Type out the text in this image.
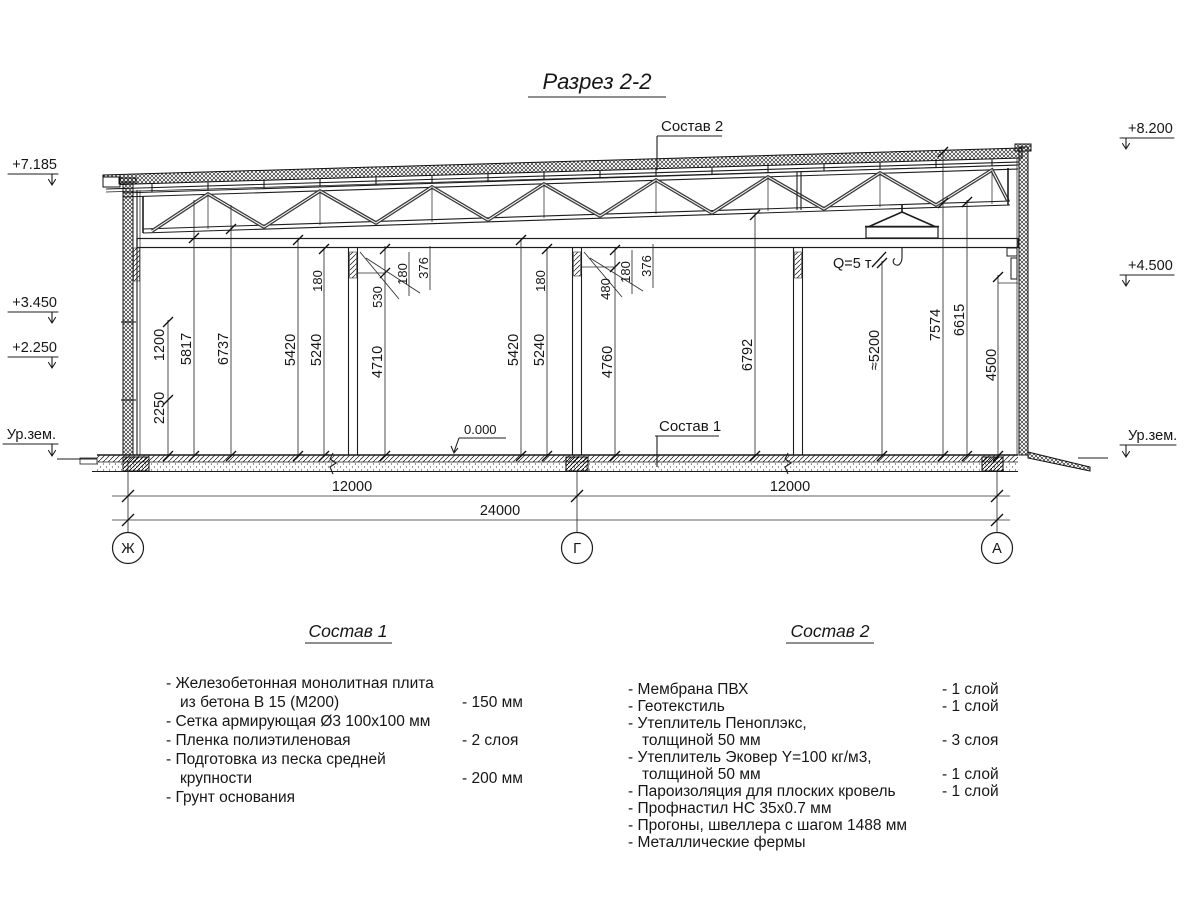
Разрез 2-2
Q=5 т
+7.185
+3.450
+2.250
Ур.зем.
+8.200
+4.500
Ур.зем.
0.000
Состав 2
Состав 1
1200
2250
5817 6737	5420 5240
180
530
180 376
4710	5420 5240
180	480
180 376
4760	6792	≈5200
7574 6615
4500
12000	12000
24000
Ж	Г	А
Состав 1
- Железобетонная монолитная плита
из бетона В 15 (М200)	- 150 мм
- Сетка армирующая Ø3 100х100 мм
- Пленка полиэтиленовая	- 2 слоя
- Подготовка из песка средней
крупности	- 200 мм
- Грунт основания
Состав 2
- Мембрана ПВХ	- 1 слой
- Геотекстиль	- 1 слой
- Утеплитель Пеноплэкс,
толщиной 50 мм	- 3 слоя
- Утеплитель Эковер Y=100 кг/м3,
толщиной 50 мм	- 1 слой
- Пароизоляция для плоских кровель	- 1 слой
- Профнастил НС 35х0.7 мм
- Прогоны, швеллера с шагом 1488 мм
- Металлические фермы
